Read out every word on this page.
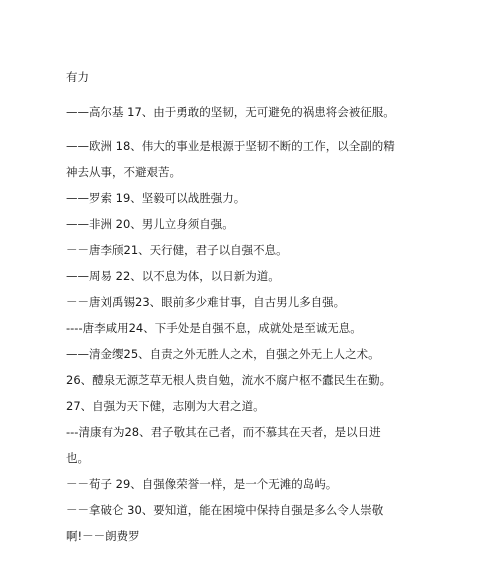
有力
——高尔基 17、由于勇敢的坚韧，无可避免的祸患将会被征服。
——欧洲 18、伟大的事业是根源于坚韧不断的工作，以全副的精
神去从事，不避艰苦。
——罗索 19、坚毅可以战胜强力。
——非洲 20、男儿立身须自强。
－－唐李颀21、天行健，君子以自强不息。
——周易 22、以不息为体，以日新为道。
－－唐刘禹锡23、眼前多少难甘事，自古男儿多自强。
----唐李咸用24、下手处是自强不息，成就处是至诚无息。
——清金缨25、自责之外无胜人之术，自强之外无上人之术。
26、醴泉无源芝草无根人贵自勉，流水不腐户枢不蠹民生在勤。
27、自强为天下健，志刚为大君之道。
---清康有为28、君子敬其在己者，而不慕其在天者，是以日进
也。
－－荀子 29、自强像荣誉一样，是一个无滩的岛屿。
－－拿破仑 30、要知道，能在困境中保持自强是多么令人崇敬
啊!－－朗费罗
